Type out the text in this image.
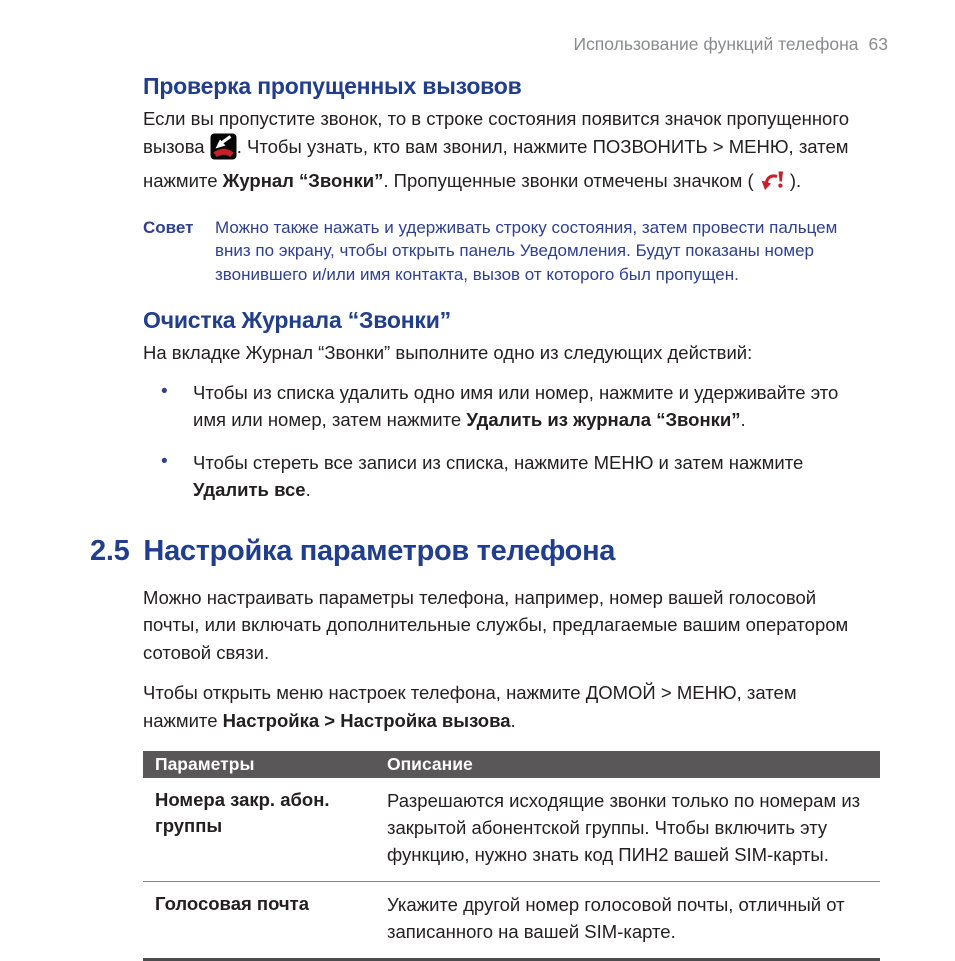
Использование функций телефона 63
Проверка пропущенных вызовов

Если вы пропустите звонок, то в строке состояния появится значок пропущенного вызова . Чтобы узнать, кто вам звонил, нажмите ПОЗВОНИТЬ > МЕНЮ, затем нажмите Журнал “Звонки”. Пропущенные звонки отмечены значком (  ).

Совет	Можно также нажать и удерживать строку состояния, затем провести пальцем вниз по экрану, чтобы открыть панель Уведомления. Будут показаны номер звонившего и/или имя контакта, вызов от которого был пропущен.
Очистка Журнала “Звонки”

На вкладке Журнал “Звонки” выполните одно из следующих действий:

• Чтобы из списка удалить одно имя или номер, нажмите и удерживайте это имя или номер, затем нажмите Удалить из журнала “Звонки”.
• Чтобы стереть все записи из списка, нажмите МЕНЮ и затем нажмите Удалить все.
2.5 Настройка параметров телефона

Можно настраивать параметры телефона, например, номер вашей голосовой почты, или включать дополнительные службы, предлагаемые вашим оператором сотовой связи.

Чтобы открыть меню настроек телефона, нажмите ДОМОЙ > МЕНЮ, затем нажмите Настройка > Настройка вызова.

Параметры	Описание
Номера закр. абон. группы	Разрешаются исходящие звонки только по номерам из закрытой абонентской группы. Чтобы включить эту функцию, нужно знать код ПИН2 вашей SIM-карты.
Голосовая почта	Укажите другой номер голосовой почты, отличный от записанного на вашей SIM-карте.
